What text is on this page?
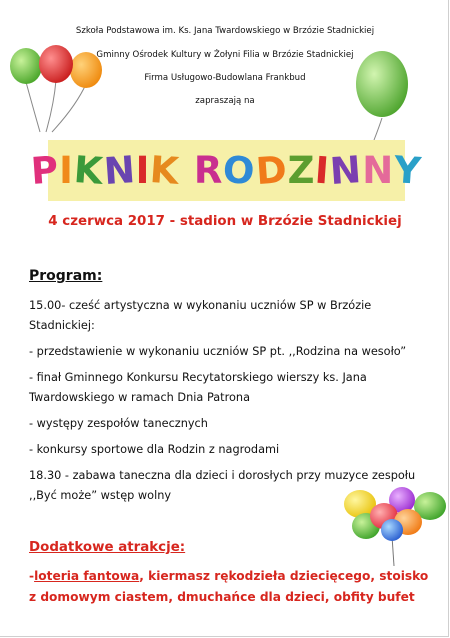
Szkoła Podstawowa im. Ks. Jana Twardowskiego w Brzózie Stadnickiej
Gminny Ośrodek Kultury w Żołyni Filia w Brzózie Stadnickiej
Firma Usługowo-Budowlana Frankbud
zapraszają na
P
I
K
N
I
K
R
O
D
Z
I
N
N
Y
4 czerwca 2017 - stadion w Brzózie Stadnickiej
Program:
15.00- cześć artystyczna w wykonaniu uczniów SP w Brzózie Stadnickiej:
- przedstawienie w wykonaniu uczniów SP pt. ,,Rodzina na wesoło”
- finał Gminnego Konkursu Recytatorskiego wierszy ks. Jana Twardowskiego w ramach Dnia Patrona
- występy zespołów tanecznych
- konkursy sportowe dla Rodzin z nagrodami
18.30 - zabawa taneczna dla dzieci i dorosłych przy muzyce zespołu ,,Być może” wstęp wolny
Dodatkowe atrakcje:
-loteria fantowa, kiermasz rękodzieła dziecięcego, stoisko z domowym ciastem, dmuchańce dla dzieci, obfity bufet
